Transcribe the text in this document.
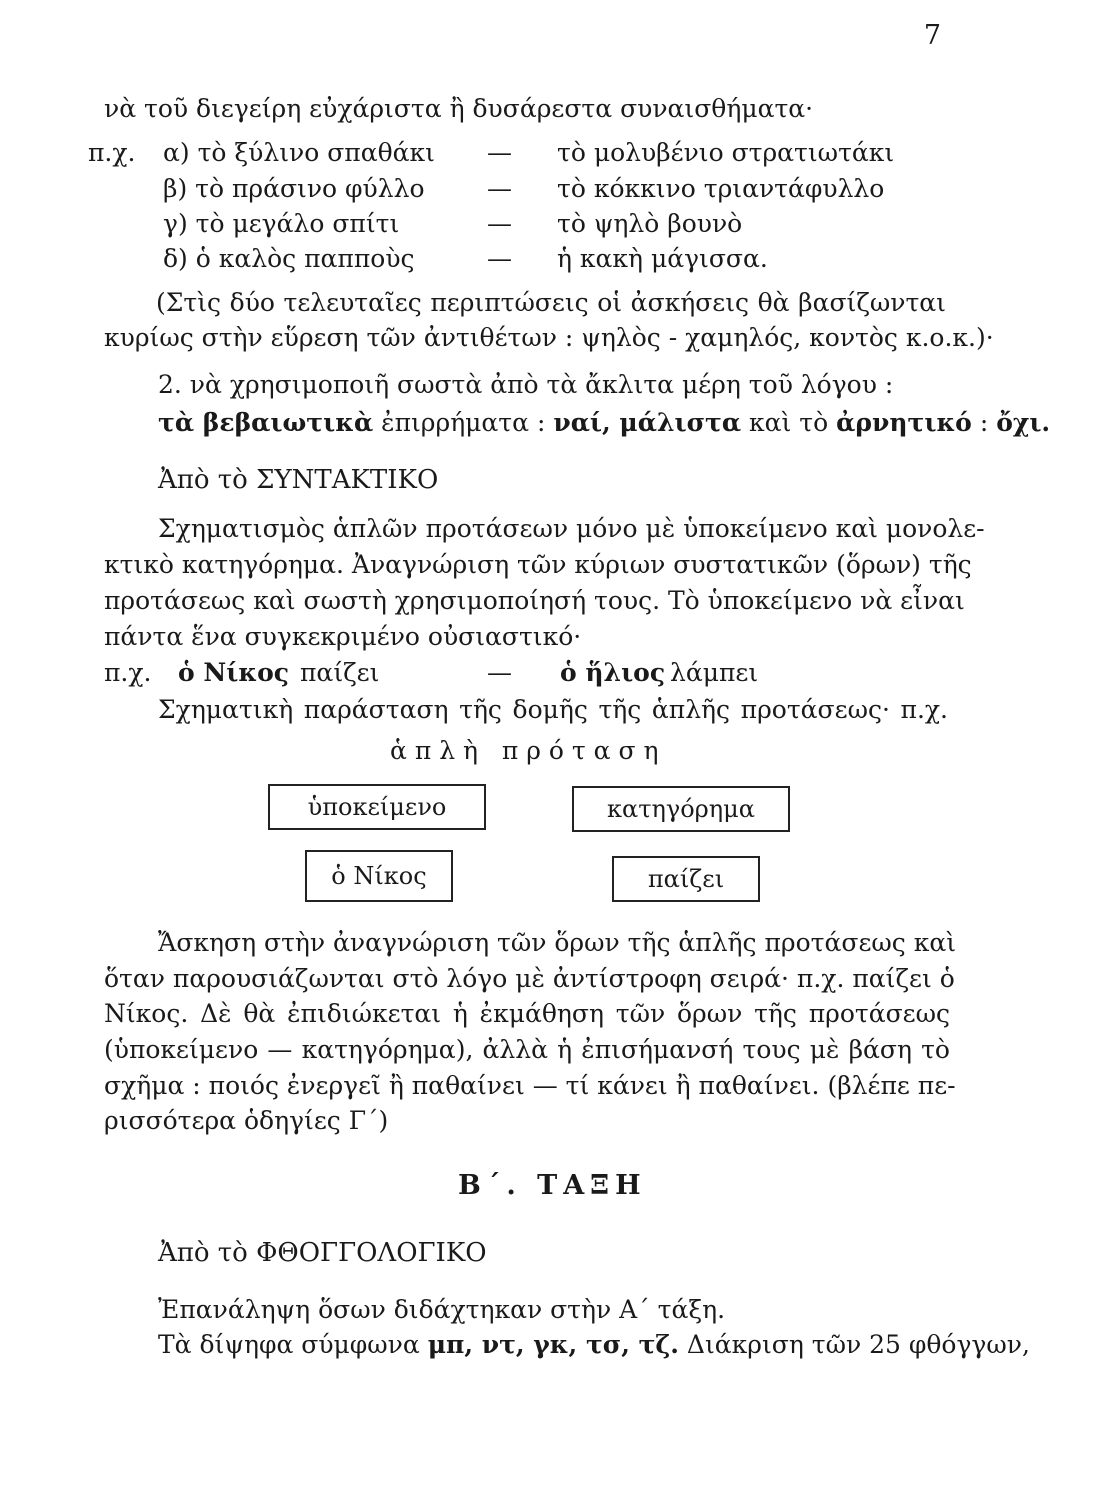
7
νὰ τοῦ διεγείρη εὐχάριστα ἢ δυσάρεστα συναισθήματα·
π.χ. α) τὸ ξύλινο σπαθάκι — τὸ μολυβένιο στρατιωτάκι
β) τὸ πράσινο φύλλο	— τὸ κόκκινο τριαντάφυλλο
γ) τὸ μεγάλο σπίτι	— τὸ ψηλὸ βουνὸ
δ) ὁ καλὸς παπποὺς	— ἡ κακὴ μάγισσα.
(Στὶς δύο τελευταῖες περιπτώσεις οἱ ἀσκήσεις θὰ βασίζωνται
κυρίως στὴν εὕρεση τῶν ἀντιθέτων : ψηλὸς - χαμηλός, κοντὸς κ.ο.κ.)·
2. νὰ χρησιμοποιῆ σωστὰ ἀπὸ τὰ ἄκλιτα μέρη τοῦ λόγου :
τὰ βεβαιωτικὰ ἐπιρρήματα : ναί, μάλιστα καὶ τὸ ἀρνητικό : ὄχι.
Ἀπὸ τὸ ΣΥΝΤΑΚΤΙΚΟ
Σχηματισμὸς ἁπλῶν προτάσεων μόνο μὲ ὑποκείμενο καὶ μονολε-
κτικὸ κατηγόρημα. Ἀναγνώριση τῶν κύριων συστατικῶν (ὅρων) τῆς
προτάσεως καὶ σωστὴ χρησιμοποίησή τους. Τὸ ὑποκείμενο νὰ εἶναι
πάντα ἕνα συγκεκριμένο οὐσιαστικό·
π.χ. ὁ Νίκος παίζει	— ὁ ἥλιος λάμπει
Σχηματικὴ παράσταση τῆς δομῆς τῆς ἁπλῆς προτάσεως· π.χ.
ἁ π λ ὴ   π ρ ό τ α σ η
ὑποκείμενο	κατηγόρημα
ὁ Νίκος	παίζει
Ἄσκηση στὴν ἀναγνώριση τῶν ὅρων τῆς ἁπλῆς προτάσεως καὶ
ὅταν παρουσιάζωνται στὸ λόγο μὲ ἀντίστροφη σειρά· π.χ. παίζει ὁ
Νίκος. Δὲ θὰ ἐπιδιώκεται ἡ ἐκμάθηση τῶν ὅρων τῆς προτάσεως
(ὑποκείμενο — κατηγόρημα), ἀλλὰ ἡ ἐπισήμανσή τους μὲ βάση τὸ
σχῆμα : ποιός ἐνεργεῖ ἢ παθαίνει — τί κάνει ἢ παθαίνει. (βλέπε πε-
ρισσότερα ὁδηγίες Γ΄)
Β΄. ΤΑΞΗ
Ἀπὸ τὸ ΦΘΟΓΓΟΛΟΓΙΚΟ
Ἐπανάληψη ὅσων διδάχτηκαν στὴν Α΄ τάξη.
Τὰ δίψηφα σύμφωνα μπ, ντ, γκ, τσ, τζ. Διάκριση τῶν 25 φθόγγων,
